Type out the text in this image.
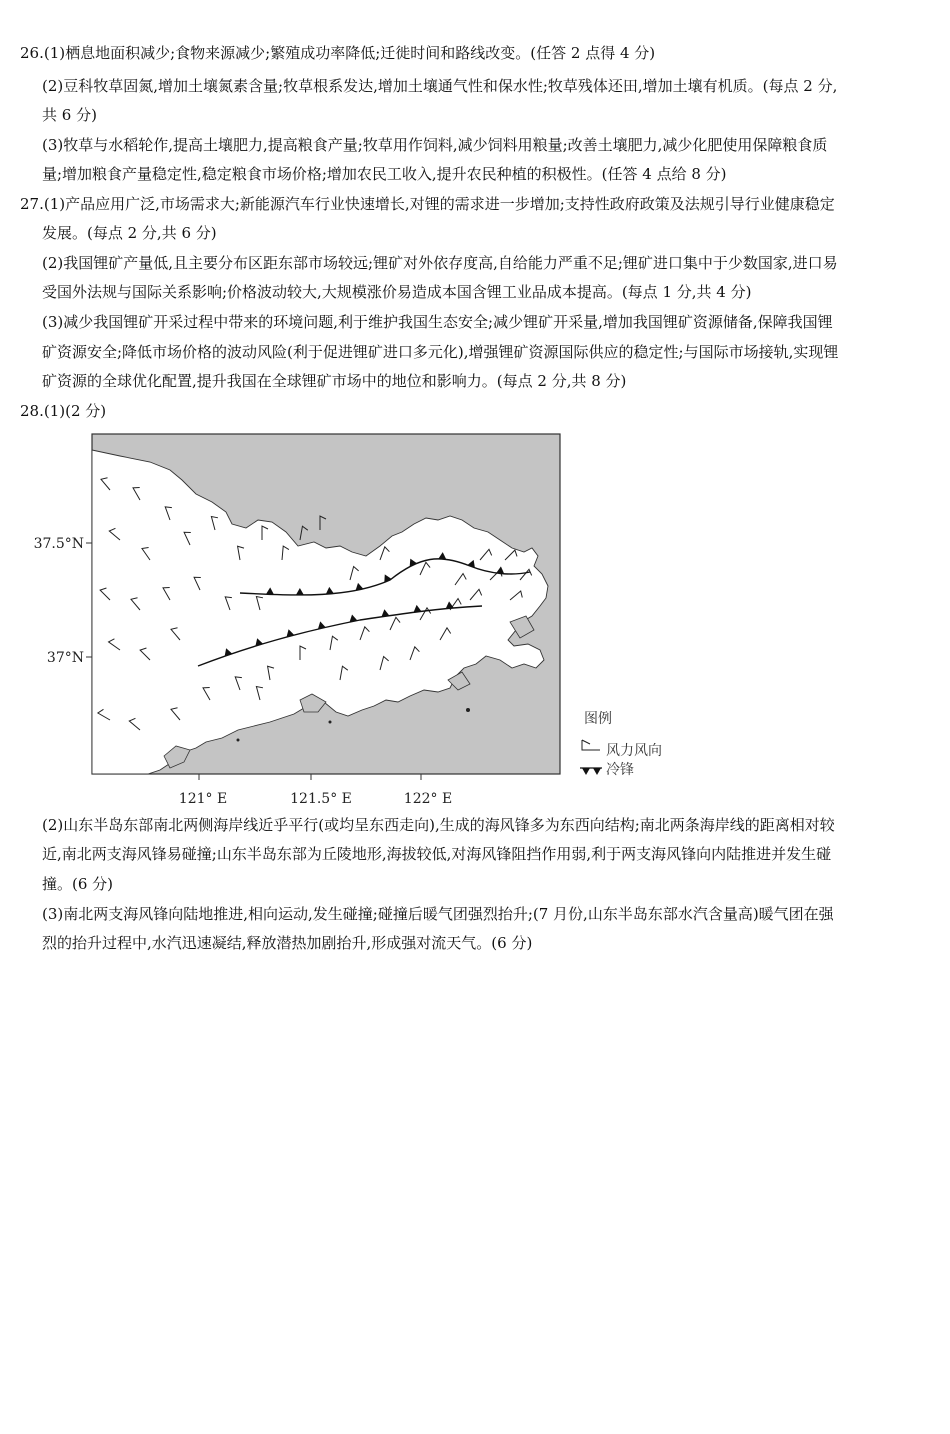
26.(1)栖息地面积减少;食物来源减少;繁殖成功率降低;迁徙时间和路线改变。(任答 2 点得 4 分)
(2)豆科牧草固氮,增加土壤氮素含量;牧草根系发达,增加土壤通气性和保水性;牧草残体还田,增加土壤有机质。(每点 2 分,
共 6 分)
(3)牧草与水稻轮作,提高土壤肥力,提高粮食产量;牧草用作饲料,减少饲料用粮量;改善土壤肥力,减少化肥使用保障粮食质
量;增加粮食产量稳定性,稳定粮食市场价格;增加农民工收入,提升农民种植的积极性。(任答 4 点给 8 分)
27.(1)产品应用广泛,市场需求大;新能源汽车行业快速增长,对锂的需求进一步增加;支持性政府政策及法规引导行业健康稳定
发展。(每点 2 分,共 6 分)
(2)我国锂矿产量低,且主要分布区距东部市场较远;锂矿对外依存度高,自给能力严重不足;锂矿进口集中于少数国家,进口易
受国外法规与国际关系影响;价格波动较大,大规模涨价易造成本国含锂工业品成本提高。(每点 1 分,共 4 分)
(3)减少我国锂矿开采过程中带来的环境问题,利于维护我国生态安全;减少锂矿开采量,增加我国锂矿资源储备,保障我国锂
矿资源安全;降低市场价格的波动风险(利于促进锂矿进口多元化),增强锂矿资源国际供应的稳定性;与国际市场接轨,实现锂
矿资源的全球优化配置,提升我国在全球锂矿市场中的地位和影响力。(每点 2 分,共 8 分)
28.(1)(2 分)
(2)山东半岛东部南北两侧海岸线近乎平行(或均呈东西走向),生成的海风锋多为东西向结构;南北两条海岸线的距离相对较
近,南北两支海风锋易碰撞;山东半岛东部为丘陵地形,海拔较低,对海风锋阻挡作用弱,利于两支海风锋向内陆推进并发生碰
撞。(6 分)
(3)南北两支海风锋向陆地推进,相向运动,发生碰撞;碰撞后暖气团强烈抬升;(7 月份,山东半岛东部水汽含量高)暖气团在强
烈的抬升过程中,水汽迅速凝结,释放潜热加剧抬升,形成强对流天气。(6 分)
37.5°N
37°N
121° E	121.5° E	122° E
图例
风力风向
冷锋
